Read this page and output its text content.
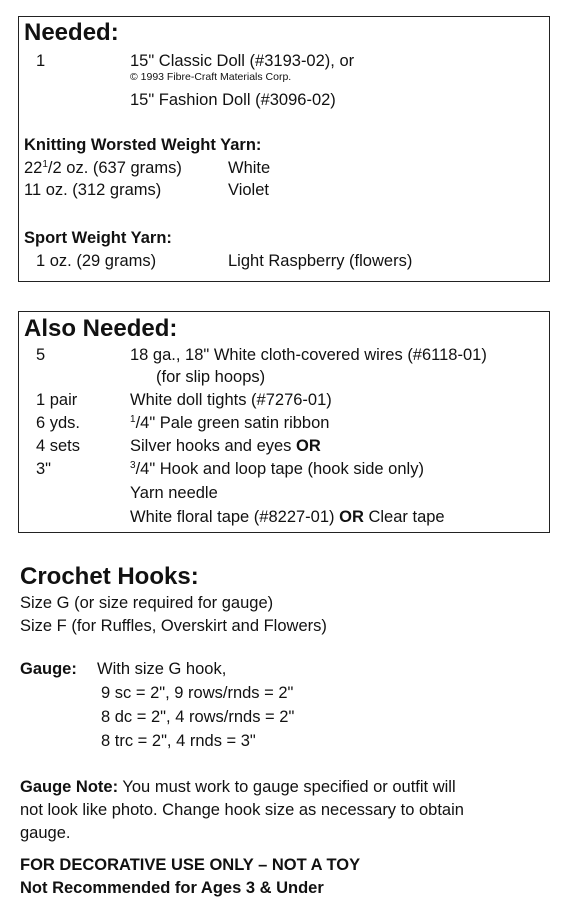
Needed:
1	15" Classic Doll (#3193-02), or
© 1993 Fibre-Craft Materials Corp.
15" Fashion Doll (#3096-02)
Knitting Worsted Weight Yarn:
$22^1/2$ oz. (637 grams)	White
11 oz. (312 grams)	Violet
Sport Weight Yarn:
1 oz. (29 grams)	Light Raspberry (flowers)
Also Needed:
5	18 ga., 18" White cloth-covered wires (#6118-01)
(for slip hoops)
1 pair	White doll tights (#7276-01)
6 yds.	$^1$/4" Pale green satin ribbon
4 sets	Silver hooks and eyes OR
3"	$^3$/4" Hook and loop tape (hook side only)
Yarn needle
White floral tape (#8227-01) OR Clear tape
Crochet Hooks:
Size G (or size required for gauge)
Size F (for Ruffles, Overskirt and Flowers)
Gauge: With size G hook,
9 sc = 2", 9 rows/rnds = 2"
8 dc = 2", 4 rows/rnds = 2"
8 trc = 2", 4 rnds = 3"
Gauge Note: You must work to gauge specified or outfit will
not look like photo. Change hook size as necessary to obtain
gauge.
FOR DECORATIVE USE ONLY – NOT A TOY
Not Recommended for Ages 3 & Under
